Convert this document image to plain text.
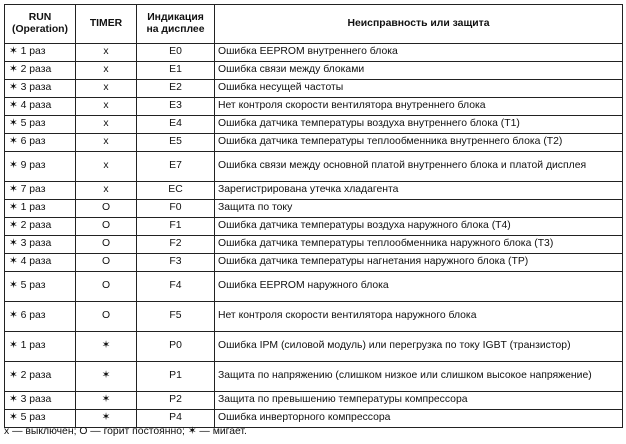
RUN
(Operation)	TIMER	Индикация
на дисплее	Неисправность или защита
✶ 1 раз	x	E0	Ошибка EEPROM внутреннего блока
✶ 2 раза	x	E1	Ошибка связи между блоками
✶ 3 раза	x	E2	Ошибка несущей частоты
✶ 4 раза	x	E3	Нет контроля скорости вентилятора внутреннего блока
✶ 5 раз	x	E4	Ошибка датчика температуры воздуха внутреннего блока (T1)
✶ 6 раз	x	E5	Ошибка датчика температуры теплообменника внутреннего блока (T2)
✶ 9 раз	x	E7	Ошибка связи между основной платой внутреннего блока и платой дисплея
✶ 7 раз	x	EC	Зарегистрирована утечка хладагента
✶ 1 раз	O	F0	Защита по току
✶ 2 раза	O	F1	Ошибка датчика температуры воздуха наружного блока (T4)
✶ 3 раза	O	F2	Ошибка датчика температуры теплообменника наружного блока (T3)
✶ 4 раза	O	F3	Ошибка датчика температуры нагнетания наружного блока (TP)
✶ 5 раз	O	F4	Ошибка EEPROM наружного блока
✶ 6 раз	O	F5	Нет контроля скорости вентилятора наружного блока
✶ 1 раз	✶	P0	Ошибка IPM (силовой модуль) или перегрузка по току IGBT (транзистор)
✶ 2 раза	✶	P1	Защита по напряжению (слишком низкое или слишком высокое напряжение)
✶ 3 раза	✶	P2	Защита по превышению температуры компрессора
✶ 5 раз	✶	P4	Ошибка инверторного компрессора
x — выключен; O — горит постоянно; ✶ — мигает.
